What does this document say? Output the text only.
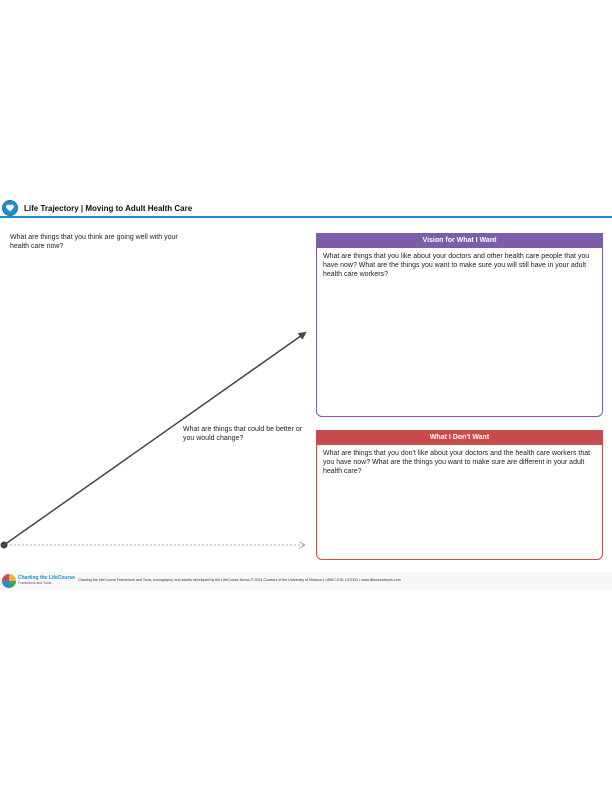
Life Trajectory | Moving to Adult Health Care
What are things that you think are going well with your health care now?
What are things that could be better or you would change?
Vision for What I Want
What are things that you like about your doctors and other health care people that you have now? What are the things you want to make sure you will still have in your adult health care workers?
What I Don't Want
What are things that you don't like about your doctors and the health care workers that you have now? What are the things you want to make sure are different in your adult health care?
Charting the LifeCourse
Framework and Tools
Charting the LifeCourse Framework and Tools, iconography, and assets developed by the LifeCourse Nexus © 2024 Curators of the University of Missouri | UMKC-IHD, UCEDD • www.lifecoursetools.com
